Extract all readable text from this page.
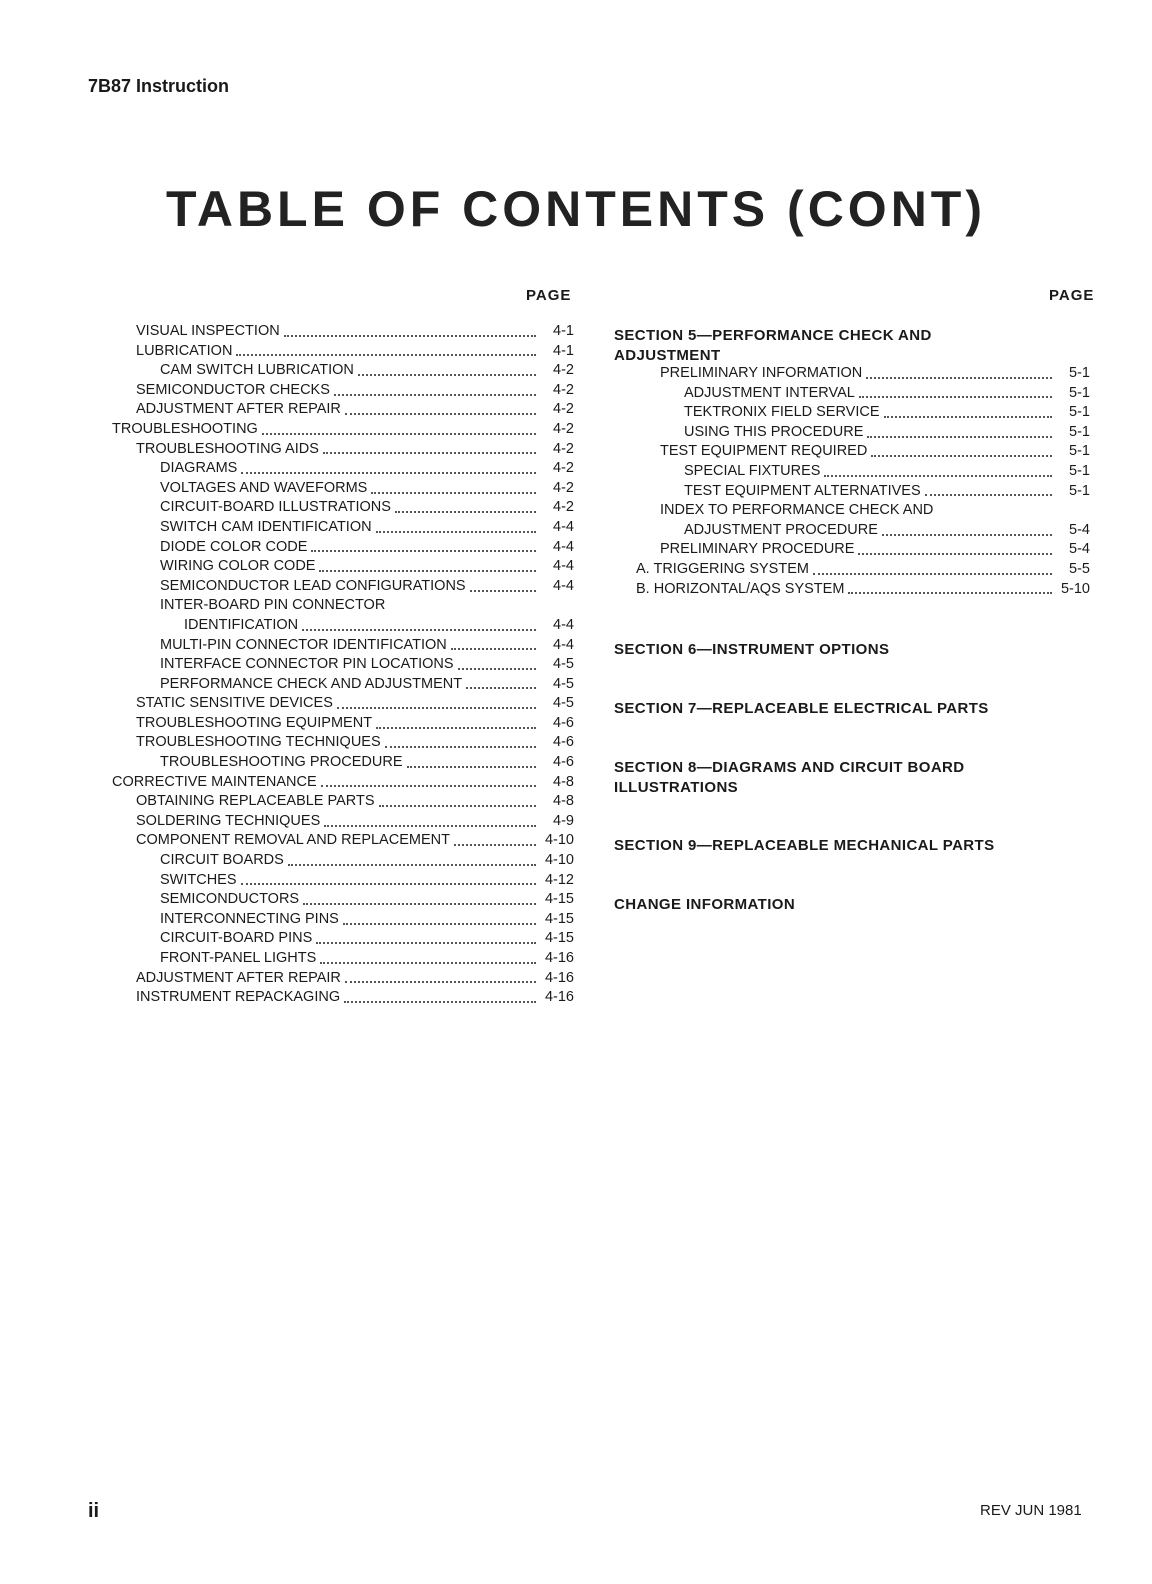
7B87 Instruction
TABLE OF CONTENTS (CONT)
PAGE	PAGE
VISUAL INSPECTION	4-1
LUBRICATION	4-1
CAM SWITCH LUBRICATION	4-2
SEMICONDUCTOR CHECKS	4-2
ADJUSTMENT AFTER REPAIR	4-2
TROUBLESHOOTING	4-2
TROUBLESHOOTING AIDS	4-2
DIAGRAMS	4-2
VOLTAGES AND WAVEFORMS	4-2
CIRCUIT-BOARD ILLUSTRATIONS	4-2
SWITCH CAM IDENTIFICATION	4-4
DIODE COLOR CODE	4-4
WIRING COLOR CODE	4-4
SEMICONDUCTOR LEAD CONFIGURATIONS	4-4
INTER-BOARD PIN CONNECTOR
IDENTIFICATION	4-4
MULTI-PIN CONNECTOR IDENTIFICATION	4-4
INTERFACE CONNECTOR PIN LOCATIONS	4-5
PERFORMANCE CHECK AND ADJUSTMENT	4-5
STATIC SENSITIVE DEVICES	4-5
TROUBLESHOOTING EQUIPMENT	4-6
TROUBLESHOOTING TECHNIQUES	4-6
TROUBLESHOOTING PROCEDURE	4-6
CORRECTIVE MAINTENANCE	4-8
OBTAINING REPLACEABLE PARTS	4-8
SOLDERING TECHNIQUES	4-9
COMPONENT REMOVAL AND REPLACEMENT	4-10
CIRCUIT BOARDS	4-10
SWITCHES	4-12
SEMICONDUCTORS	4-15
INTERCONNECTING PINS	4-15
CIRCUIT-BOARD PINS	4-15
FRONT-PANEL LIGHTS	4-16
ADJUSTMENT AFTER REPAIR	4-16
INSTRUMENT REPACKAGING	4-16
SECTION 5—PERFORMANCE CHECK AND
ADJUSTMENT
PRELIMINARY INFORMATION	5-1
ADJUSTMENT INTERVAL	5-1
TEKTRONIX FIELD SERVICE	5-1
USING THIS PROCEDURE	5-1
TEST EQUIPMENT REQUIRED	5-1
SPECIAL FIXTURES	5-1
TEST EQUIPMENT ALTERNATIVES	5-1
INDEX TO PERFORMANCE CHECK AND
ADJUSTMENT PROCEDURE	5-4
PRELIMINARY PROCEDURE	5-4
A. TRIGGERING SYSTEM	5-5
B. HORIZONTAL/AQS SYSTEM	5-10
SECTION 6—INSTRUMENT OPTIONS
SECTION 7—REPLACEABLE ELECTRICAL PARTS
SECTION 8—DIAGRAMS AND CIRCUIT BOARD
ILLUSTRATIONS
SECTION 9—REPLACEABLE MECHANICAL PARTS
CHANGE INFORMATION
ii	REV JUN 1981
